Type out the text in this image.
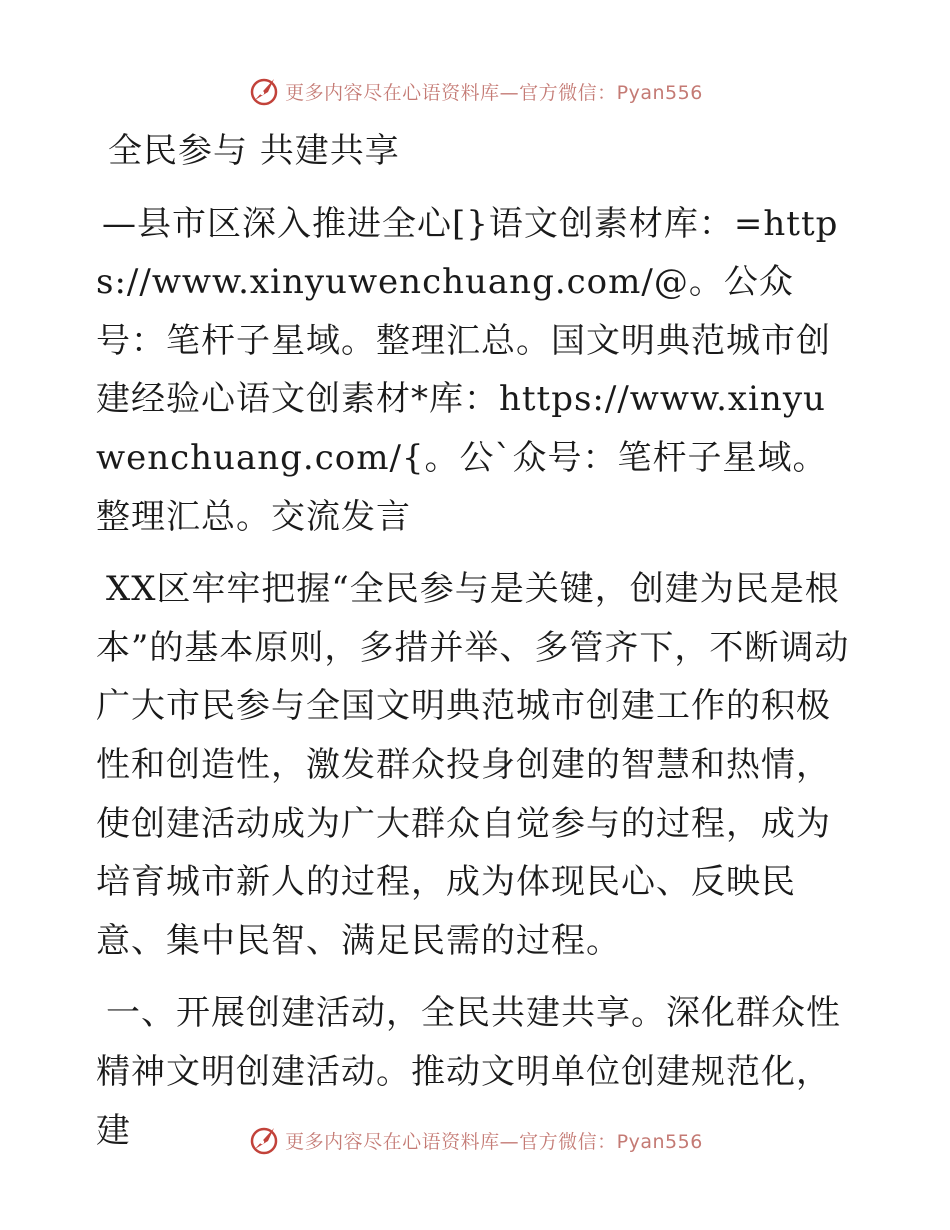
更多内容尽在心语资料库—官方微信：Pyan556

全民参与 共建共享

—县市区深入推进全心[}语文创素材库：=https://www.xinyuwenchuang.com/@。公众号：笔杆子星域。整理汇总。国文明典范城市创建经验心语文创素材*库：https://www.xinyuwenchuang.com/{。公`众号：笔杆子星域。整理汇总。交流发言

XX区牢牢把握“全民参与是关键，创建为民是根本”的基本原则，多措并举、多管齐下，不断调动广大市民参与全国文明典范城市创建工作的积极性和创造性，激发群众投身创建的智慧和热情，使创建活动成为广大群众自觉参与的过程，成为培育城市新人的过程，成为体现民心、反映民意、集中民智、满足民需的过程。

一、开展创建活动，全民共建共享。深化群众性精神文明创建活动。推动文明单位创建规范化，建	更多内容尽在心语资料库—官方微信：Pyan556
